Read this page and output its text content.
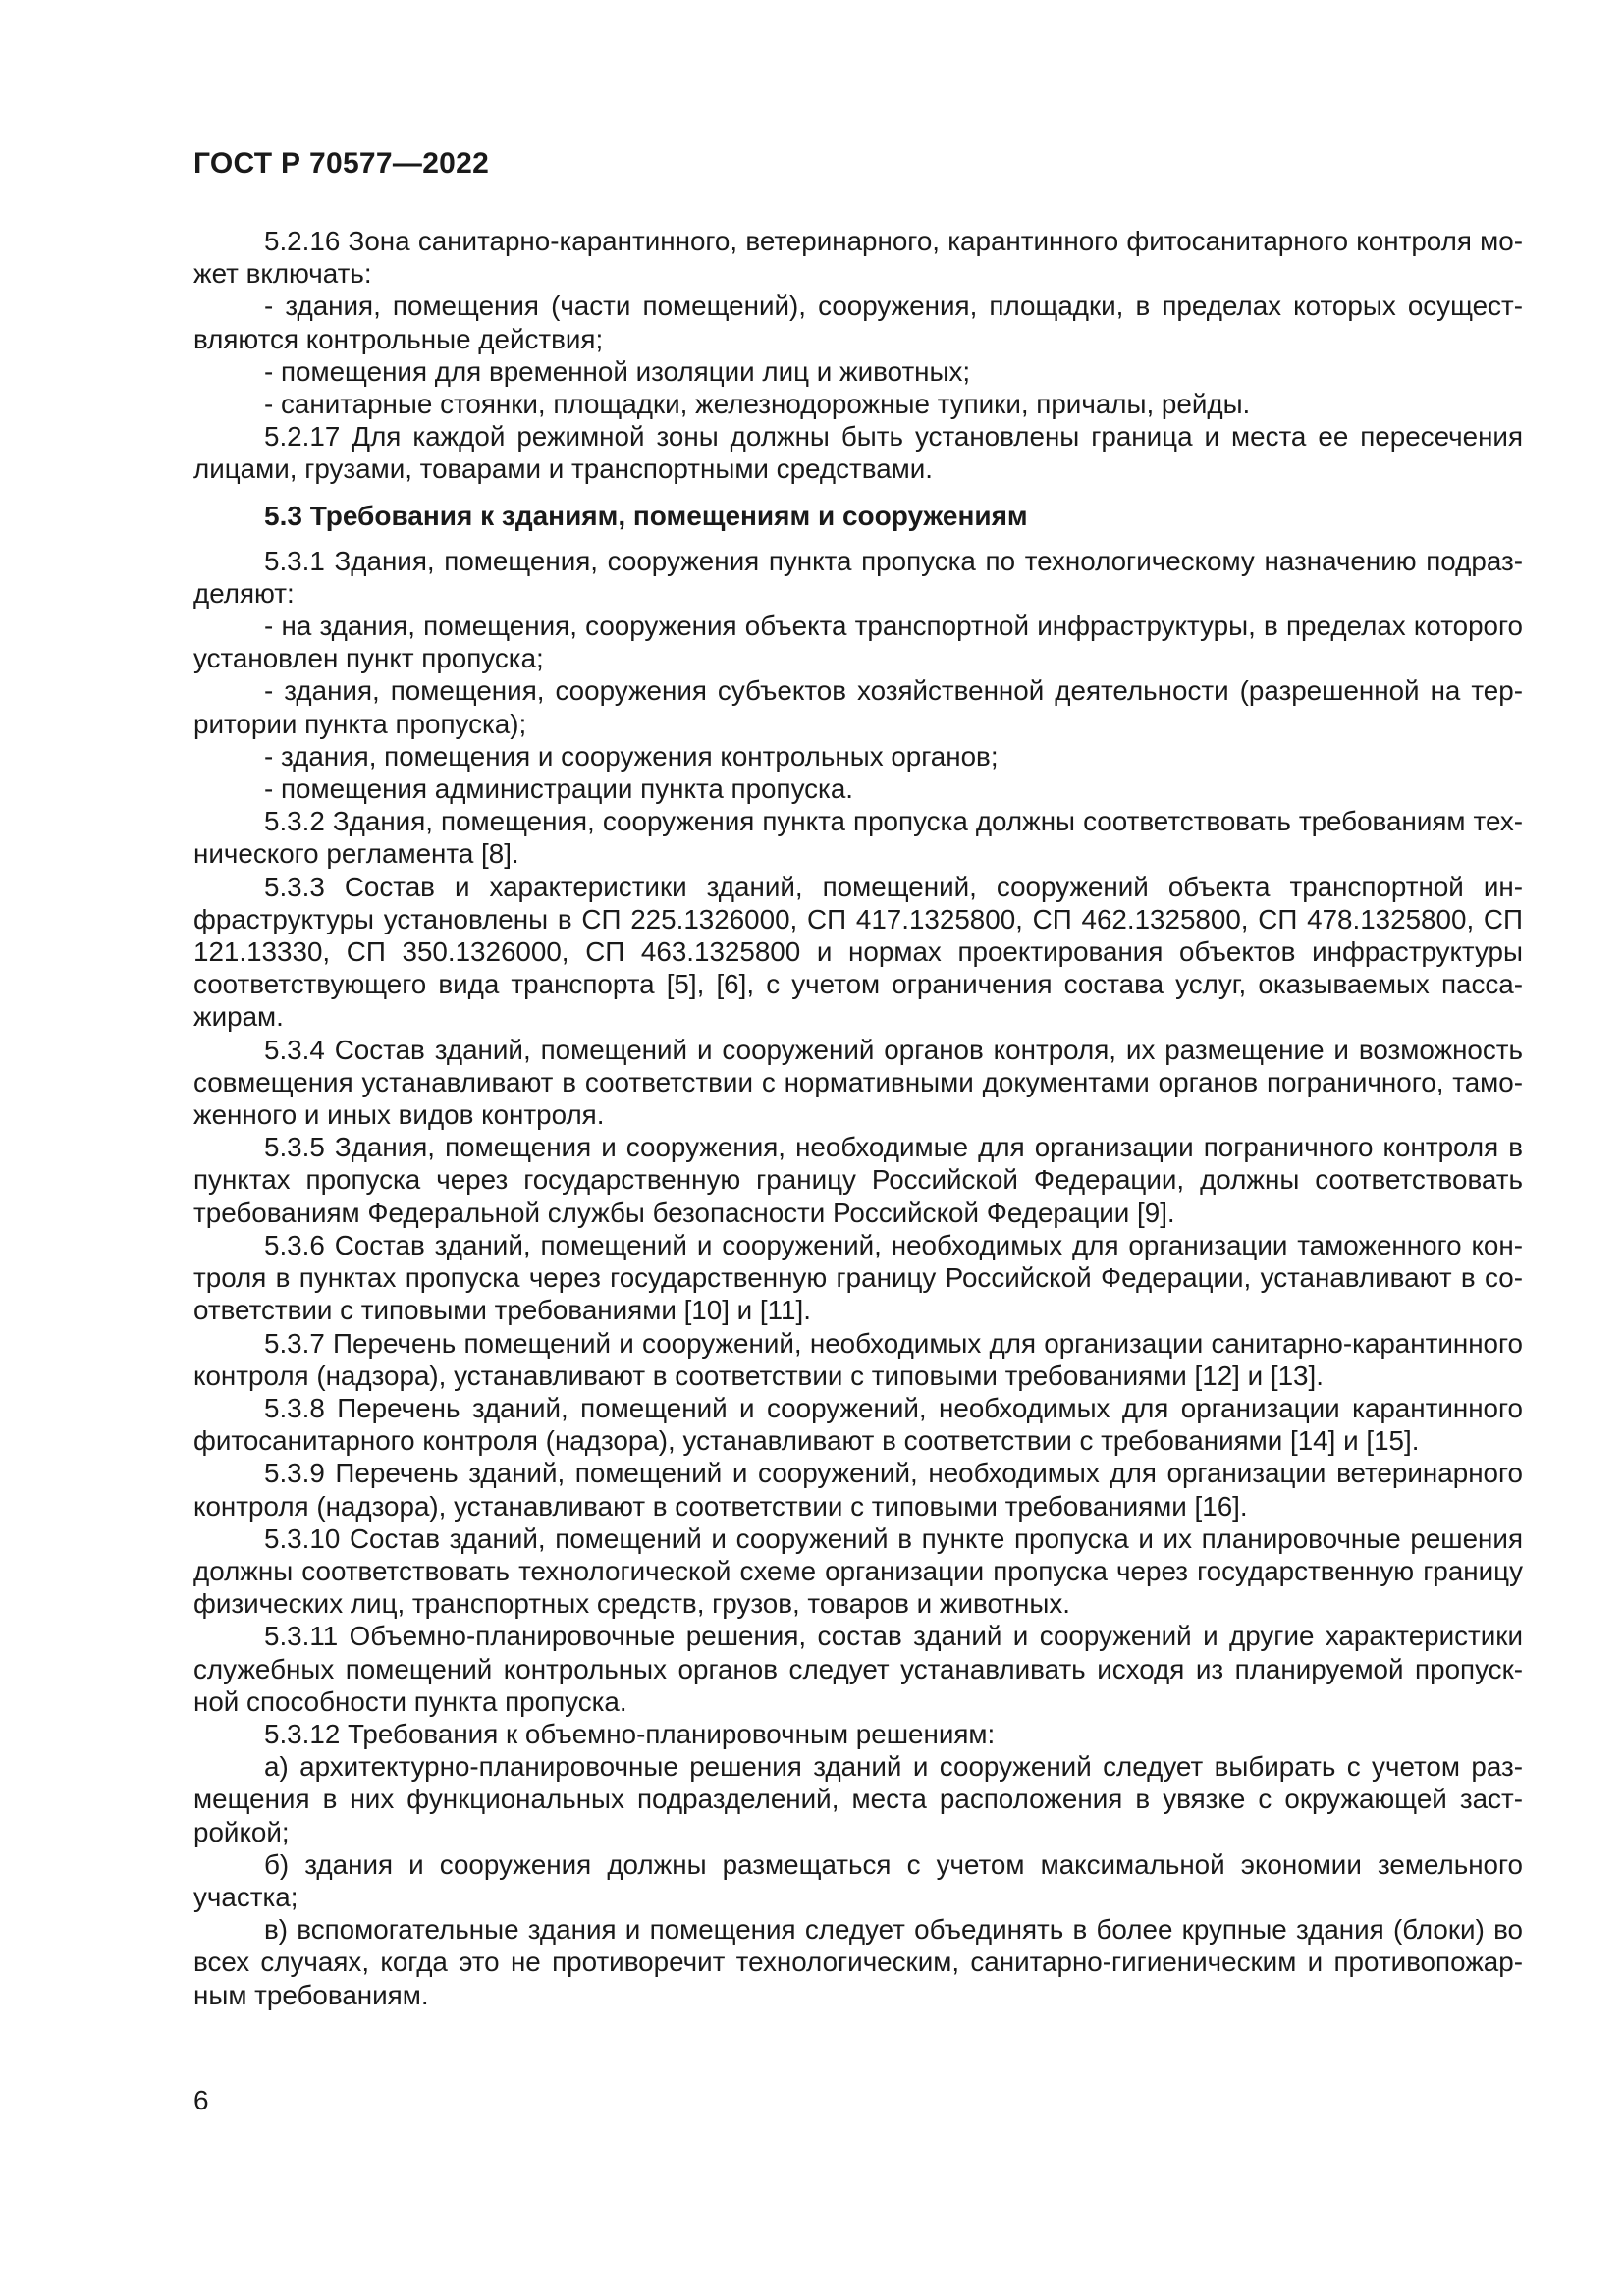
ГОСТ Р 70577—2022

5.2.16 Зона санитарно-карантинного, ветеринарного, карантинного фитосанитарного контроля может включать:

- здания, помещения (части помещений), сооружения, площадки, в пределах которых осуществляются контрольные действия;

- помещения для временной изоляции лиц и животных;

- санитарные стоянки, площадки, железнодорожные тупики, причалы, рейды.

5.2.17 Для каждой режимной зоны должны быть установлены граница и места ее пересечения лицами, грузами, товарами и транспортными средствами.

5.3 Требования к зданиям, помещениям и сооружениям

5.3.1 Здания, помещения, сооружения пункта пропуска по технологическому назначению подразделяют:

- на здания, помещения, сооружения объекта транспортной инфраструктуры, в пределах которого установлен пункт пропуска;

- здания, помещения, сооружения субъектов хозяйственной деятельности (разрешенной на территории пункта пропуска);

- здания, помещения и сооружения контрольных органов;

- помещения администрации пункта пропуска.

5.3.2 Здания, помещения, сооружения пункта пропуска должны соответствовать требованиям технического регламента [8].

5.3.3 Состав и характеристики зданий, помещений, сооружений объекта транспортной инфраструктуры установлены в СП 225.1326000, СП 417.1325800, СП 462.1325800, СП 478.1325800, СП 121.13330, СП 350.1326000, СП 463.1325800 и нормах проектирования объектов инфраструктуры соответствующего вида транспорта [5], [6], с учетом ограничения состава услуг, оказываемых пассажирам.

5.3.4 Состав зданий, помещений и сооружений органов контроля, их размещение и возможность совмещения устанавливают в соответствии с нормативными документами органов пограничного, таможенного и иных видов контроля.

5.3.5 Здания, помещения и сооружения, необходимые для организации пограничного контроля в пунктах пропуска через государственную границу Российской Федерации, должны соответствовать требованиям Федеральной службы безопасности Российской Федерации [9].

5.3.6 Состав зданий, помещений и сооружений, необходимых для организации таможенного контроля в пунктах пропуска через государственную границу Российской Федерации, устанавливают в соответствии с типовыми требованиями [10] и [11].

5.3.7 Перечень помещений и сооружений, необходимых для организации санитарно-карантинного контроля (надзора), устанавливают в соответствии с типовыми требованиями [12] и [13].

5.3.8 Перечень зданий, помещений и сооружений, необходимых для организации карантинного фитосанитарного контроля (надзора), устанавливают в соответствии с требованиями [14] и [15].

5.3.9 Перечень зданий, помещений и сооружений, необходимых для организации ветеринарного контроля (надзора), устанавливают в соответствии с типовыми требованиями [16].

5.3.10 Состав зданий, помещений и сооружений в пункте пропуска и их планировочные решения должны соответствовать технологической схеме организации пропуска через государственную границу физических лиц, транспортных средств, грузов, товаров и животных.

5.3.11 Объемно-планировочные решения, состав зданий и сооружений и другие характеристики служебных помещений контрольных органов следует устанавливать исходя из планируемой пропускной способности пункта пропуска.

5.3.12 Требования к объемно-планировочным решениям:

а) архитектурно-планировочные решения зданий и сооружений следует выбирать с учетом размещения в них функциональных подразделений, места расположения в увязке с окружающей застройкой;

б) здания и сооружения должны размещаться с учетом максимальной экономии земельного участка;

в) вспомогательные здания и помещения следует объединять в более крупные здания (блоки) во всех случаях, когда это не противоречит технологическим, санитарно-гигиеническим и противопожарным требованиям.

6
